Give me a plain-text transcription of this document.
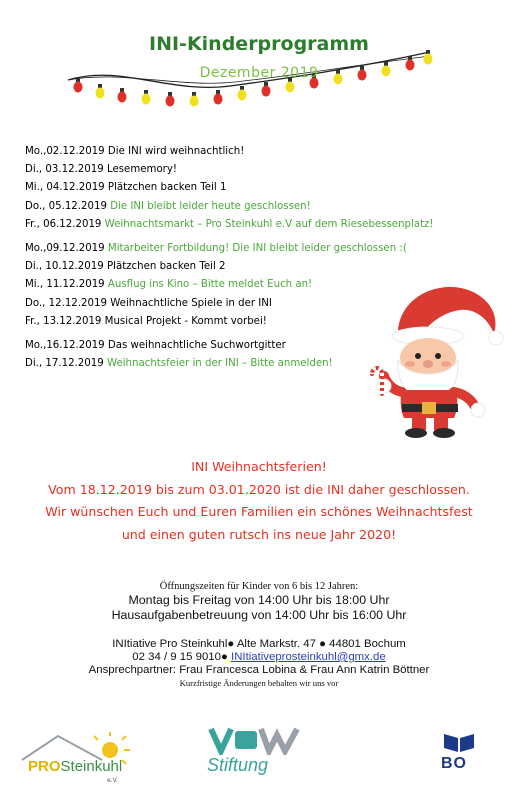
INI-Kinderprogramm
Dezember 2019
Mo.,02.12.2019 Die INI wird weihnachtlich!
Di., 03.12.2019 Lesememory!
Mi., 04.12.2019 Plätzchen backen Teil 1
Do., 05.12.2019 Die INI bleibt leider heute geschlossen!
Fr., 06.12.2019 Weihnachtsmarkt – Pro Steinkuhl e.V auf dem Riesebessenplatz!
Mo.,09.12.2019 Mitarbeiter Fortbildung! Die INI bleibt leider geschlossen :(
Di., 10.12.2019 Plätzchen backen Teil 2
Mi., 11.12.2019 Ausflug ins Kino – Bitte meldet Euch an!
Do., 12.12.2019 Weihnachtliche Spiele in der INI
Fr., 13.12.2019 Musical Projekt - Kommt vorbei!
Mo.,16.12.2019 Das weihnachtliche Suchwortgitter
Di., 17.12.2019 Weihnachtsfeier in der INI – Bitte anmelden!
INI Weihnachtsferien!
Vom 18.12.2019 bis zum 03.01.2020 ist die INI daher geschlossen.
Wir wünschen Euch und Euren Familien ein schönes Weihnachtsfest
und einen guten rutsch ins neue Jahr 2020!
Öffnungszeiten für Kinder von 6 bis 12 Jahren:
Montag bis Freitag von 14:00 Uhr bis 18:00 Uhr
Hausaufgabenbetreuung von 14:00 Uhr bis 16:00 Uhr
INItiative Pro Steinkuhl● Alte Markstr. 47 ● 44801 Bochum
02 34 / 9 15 9010● INItiativeprosteinkuhl@gmx.de
Ansprechpartner: Frau Francesca Lobina & Frau Ann Katrin Böttner
Kurzfristige Änderungen behalten wir uns vor
PROSteinkuhl
e.V.
Stiftung	BO
